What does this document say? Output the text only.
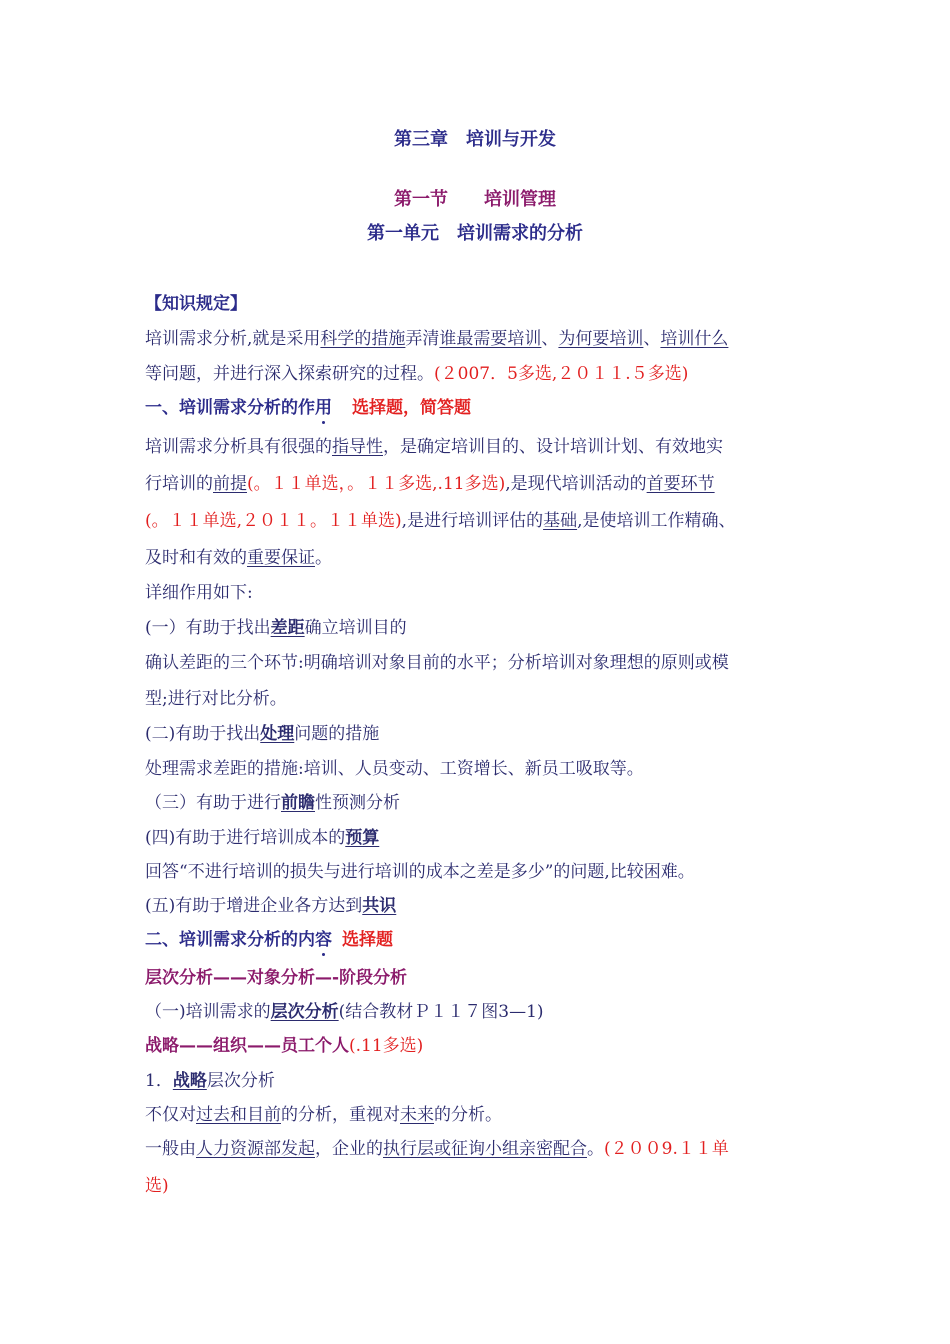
第三章　培训与开发
第一节　　培训管理
第一单元　培训需求的分析
【知识规定】
培训需求分析,就是采用科学的措施弄清谁最需要培训、为何要培训、培训什么
等问题，并进行深入探索研究的过程。(２007．5多选,２０１１.５多选)
一、培训需求分析的作用 选择题，简答题
培训需求分析具有很强的指导性，是确定培训目的、设计培训计划、有效地实
行培训的前提(。１１单选，。１１多选,.11多选),是现代培训活动的首要环节
(。１１单选,２０１１。１１单选),是进行培训评估的基础,是使培训工作精确、
及时和有效的重要保证。
详细作用如下:
(一）有助于找出差距确立培训目的
确认差距的三个环节:明确培训对象目前的水平；分析培训对象理想的原则或模
型;进行对比分析。
(二)有助于找出处理问题的措施
处理需求差距的措施:培训、人员变动、工资增长、新员工吸取等。
（三）有助于进行前瞻性预测分析
(四)有助于进行培训成本的预算
回答“不进行培训的损失与进行培训的成本之差是多少”的问题,比较困难。
(五)有助于增进企业各方达到共识
二、培训需求分析的内容 选择题
层次分析——对象分析—-阶段分析
（一)培训需求的层次分析(结合教材Ｐ１１７图3—1)
战略——组织——员工个人(.11多选)
1．战略层次分析
不仅对过去和目前的分析，重视对未来的分析。
一般由人力资源部发起，企业的执行层或征询小组亲密配合。(２００9.１１单
选)
